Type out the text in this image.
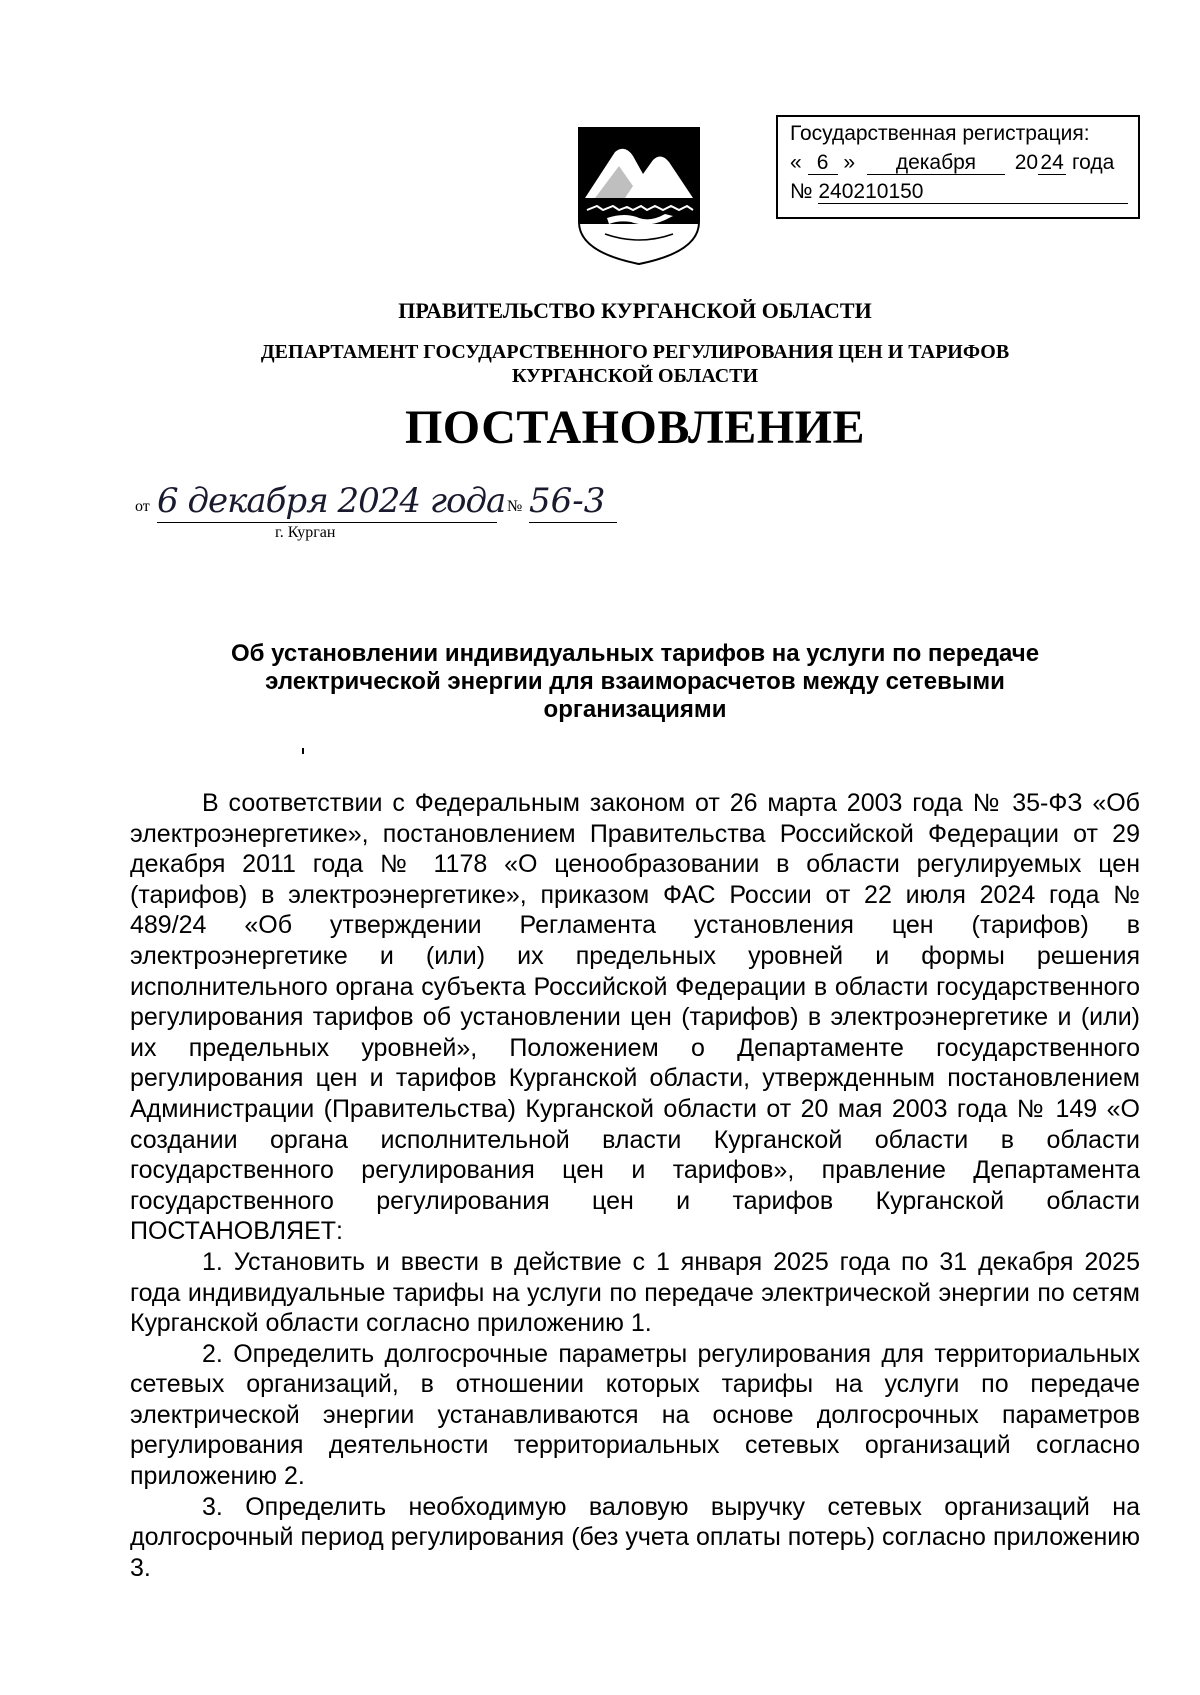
Государственная регистрация:
« 6 » декабря 20 24 года
№ 240210150
ПРАВИТЕЛЬСТВО КУРГАНСКОЙ ОБЛАСТИ
ДЕПАРТАМЕНТ ГОСУДАРСТВЕННОГО РЕГУЛИРОВАНИЯ ЦЕН И ТАРИФОВ
КУРГАНСКОЙ ОБЛАСТИ
ПОСТАНОВЛЕНИЕ
от 6 декабря 2024 года № 56-3
г. Курган
Об установлении индивидуальных тарифов на услуги по передаче
электрической энергии для взаиморасчетов между сетевыми
организациями

В соответствии с Федеральным законом от 26 марта 2003 года № 35-ФЗ «Об электроэнергетике», постановлением Правительства Российской Федерации от 29 декабря 2011 года № 1178 «О ценообразовании в области регулируемых цен (тарифов) в электроэнергетике», приказом ФАС России от 22 июля 2024 года № 489/24 «Об утверждении Регламента установления цен (тарифов) в электроэнергетике и (или) их предельных уровней и формы решения исполнительного органа субъекта Российской Федерации в области государственного регулирования тарифов об установлении цен (тарифов) в электроэнергетике и (или) их предельных уровней», Положением о Департаменте государственного регулирования цен и тарифов Курганской области, утвержденным постановлением Администрации (Правительства) Курганской области от 20 мая 2003 года № 149 «О создании органа исполнительной власти Курганской области в области государственного регулирования цен и тарифов», правление Департамента государственного регулирования цен и тарифов Курганской области ПОСТАНОВЛЯЕТ:

1. Установить и ввести в действие с 1 января 2025 года по 31 декабря 2025 года индивидуальные тарифы на услуги по передаче электрической энергии по сетям Курганской области согласно приложению 1.

2. Определить долгосрочные параметры регулирования для территориальных сетевых организаций, в отношении которых тарифы на услуги по передаче электрической энергии устанавливаются на основе долгосрочных параметров регулирования деятельности территориальных сетевых организаций согласно приложению 2.

3. Определить необходимую валовую выручку сетевых организаций на долгосрочный период регулирования (без учета оплаты потерь) согласно приложению 3.
